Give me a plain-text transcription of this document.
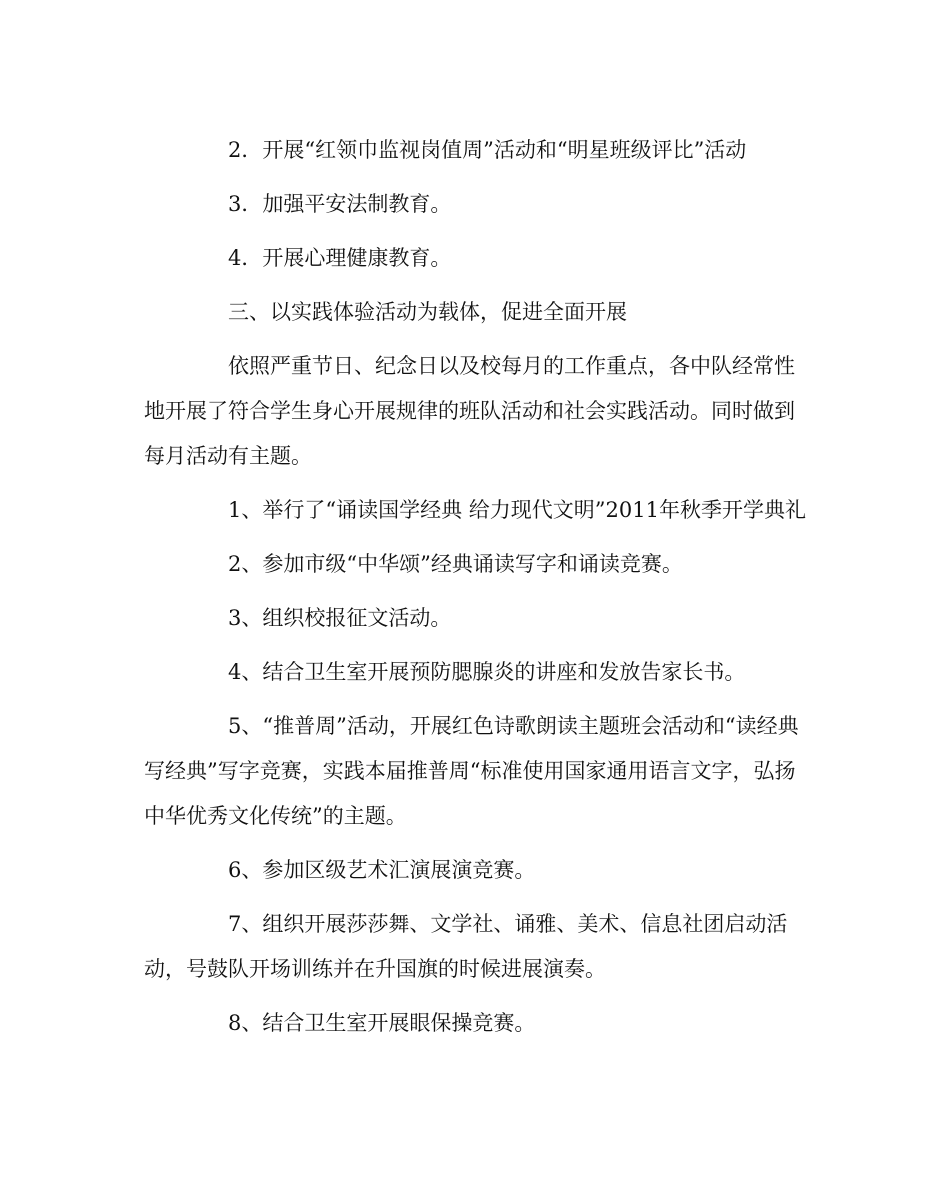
2．开展“红领巾监视岗值周”活动和“明星班级评比”活动

3．加强平安法制教育。

4．开展心理健康教育。

三、以实践体验活动为载体，促进全面开展

依照严重节日、纪念日以及校每月的工作重点，各中队经常性地开展了符合学生身心开展规律的班队活动和社会实践活动。同时做到每月活动有主题。

1、举行了“诵读国学经典 给力现代文明”2011年秋季开学典礼

2、参加市级“中华颂”经典诵读写字和诵读竞赛。

3、组织校报征文活动。

4、结合卫生室开展预防腮腺炎的讲座和发放告家长书。

5、“推普周”活动，开展红色诗歌朗读主题班会活动和“读经典写经典”写字竞赛，实践本届推普周“标准使用国家通用语言文字，弘扬中华优秀文化传统”的主题。

6、参加区级艺术汇演展演竞赛。

7、组织开展莎莎舞、文学社、诵雅、美术、信息社团启动活动，号鼓队开场训练并在升国旗的时候进展演奏。

8、结合卫生室开展眼保操竞赛。
